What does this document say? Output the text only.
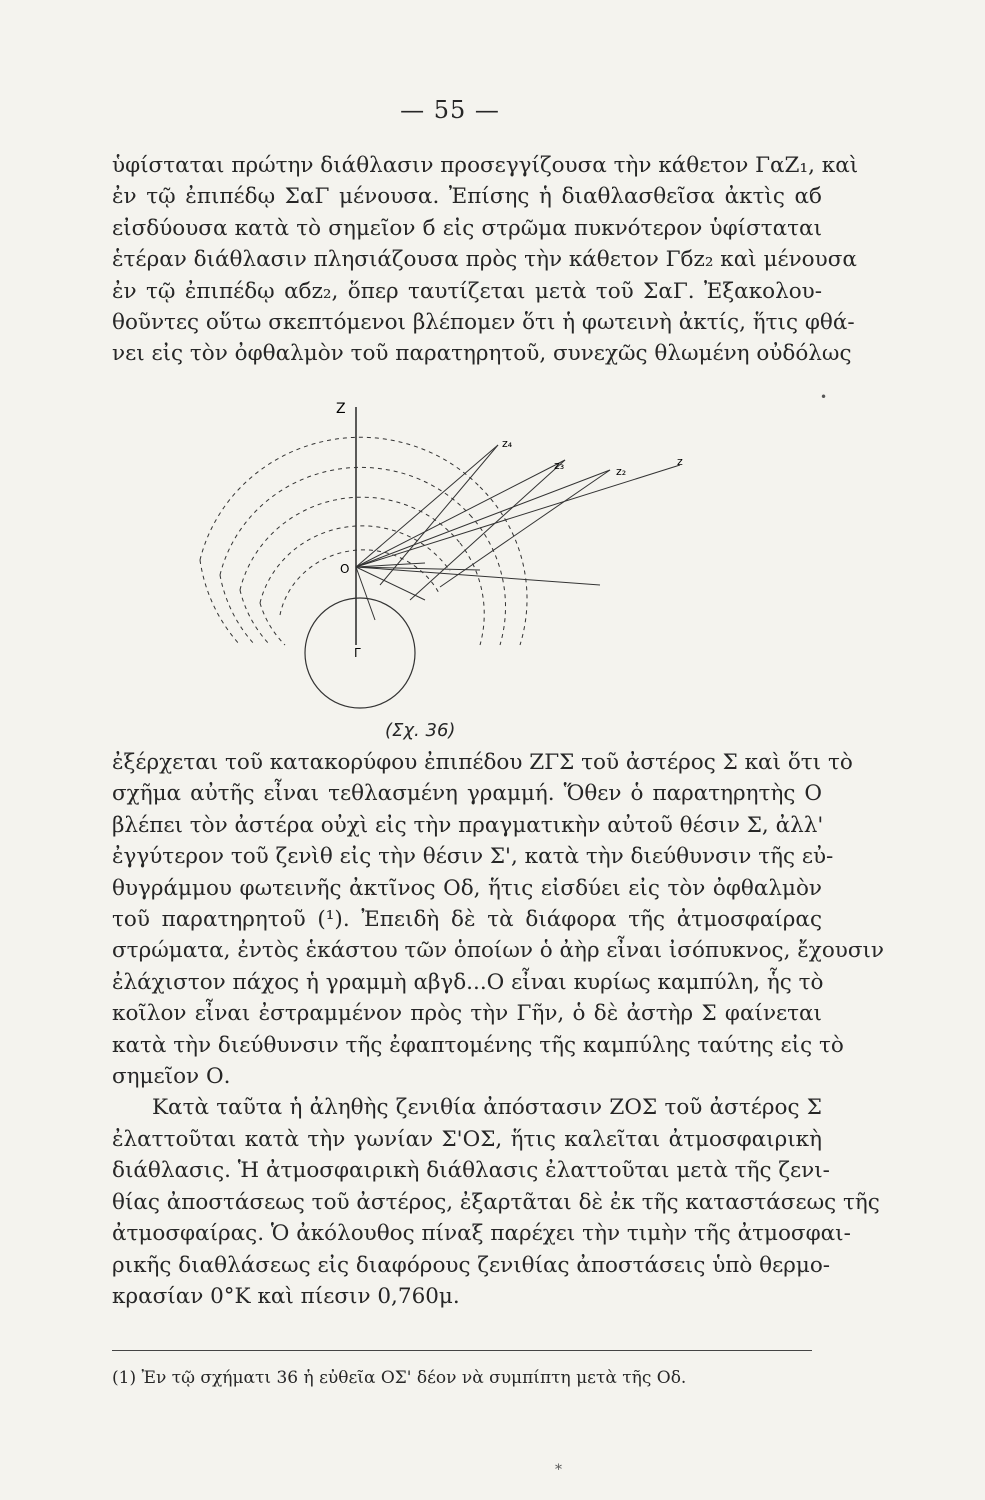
— 55 —
ὑφίσταται πρώτην διάθλασιν προσεγγίζουσα τὴν κάθετον ΓαΖ₁, καὶ
ἐν τῷ ἐπιπέδῳ ΣαΓ μένουσα. Ἐπίσης ἡ διαθλασθεῖσα ἀκτὶς αб
εἰσδύουσα κατὰ τὸ σημεῖον б εἰς στρῶμα πυκνότερον ὑφίσταται
ἑτέραν διάθλασιν πλησιάζουσα πρὸς τὴν κάθετον Γбz₂ καὶ μένουσα
ἐν τῷ ἐπιπέδῳ αбz₂, ὅπερ ταυτίζεται μετὰ τοῦ ΣαΓ. Ἐξακολου-
θοῦντες οὕτω σκεπτόμενοι βλέπομεν ὅτι ἡ φωτεινὴ ἀκτίς, ἥτις φθά-
νει εἰς τὸν ὀφθαλμὸν τοῦ παρατηρητοῦ, συνεχῶς θλωμένη οὐδόλως
•
Z
z₄
z₃	z₂
z
O
Γ
(Σχ. 36)
ἐξέρχεται τοῦ κατακορύφου ἐπιπέδου ΖΓΣ τοῦ ἀστέρος Σ καὶ ὅτι τὸ
σχῆμα αὐτῆς εἶναι τεθλασμένη γραμμή. Ὅθεν ὁ παρατηρητὴς Ο
βλέπει τὸν ἀστέρα οὐχὶ εἰς τὴν πραγματικὴν αὐτοῦ θέσιν Σ, ἀλλ'
ἐγγύτερον τοῦ ζενὶθ εἰς τὴν θέσιν Σ', κατὰ τὴν διεύθυνσιν τῆς εὐ-
θυγράμμου φωτεινῆς ἀκτῖνος Οδ, ἥτις εἰσδύει εἰς τὸν ὀφθαλμὸν
τοῦ παρατηρητοῦ (¹). Ἐπειδὴ δὲ τὰ διάφορα τῆς ἀτμοσφαίρας
στρώματα, ἐντὸς ἑκάστου τῶν ὁποίων ὁ ἀὴρ εἶναι ἰσόπυκνος, ἔχουσιν
ἐλάχιστον πάχος ἡ γραμμὴ αβγδ...Ο εἶναι κυρίως καμπύλη, ἧς τὸ
κοῖλον εἶναι ἐστραμμένον πρὸς τὴν Γῆν, ὁ δὲ ἀστὴρ Σ φαίνεται
κατὰ τὴν διεύθυνσιν τῆς ἐφαπτομένης τῆς καμπύλης ταύτης εἰς τὸ
σημεῖον Ο.
Κατὰ ταῦτα ἡ ἀληθὴς ζενιθία ἀπόστασιν ΖΟΣ τοῦ ἀστέρος Σ
ἐλαττοῦται κατὰ τὴν γωνίαν Σ'ΟΣ, ἥτις καλεῖται ἀτμοσφαιρικὴ
διάθλασις. Ἡ ἀτμοσφαιρικὴ διάθλασις ἐλαττοῦται μετὰ τῆς ζενι-
θίας ἀποστάσεως τοῦ ἀστέρος, ἐξαρτᾶται δὲ ἐκ τῆς καταστάσεως τῆς
ἀτμοσφαίρας. Ὁ ἀκόλουθος πίναξ παρέχει τὴν τιμὴν τῆς ἀτμοσφαι-
ρικῆς διαθλάσεως εἰς διαφόρους ζενιθίας ἀποστάσεις ὑπὸ θερμο-
κρασίαν 0°Κ καὶ πίεσιν 0,760μ.
(1) Ἐν τῷ σχήματι 36 ἡ εὐθεῖα ΟΣ' δέον νὰ συμπίπτη μετὰ τῆς Οδ.
*
